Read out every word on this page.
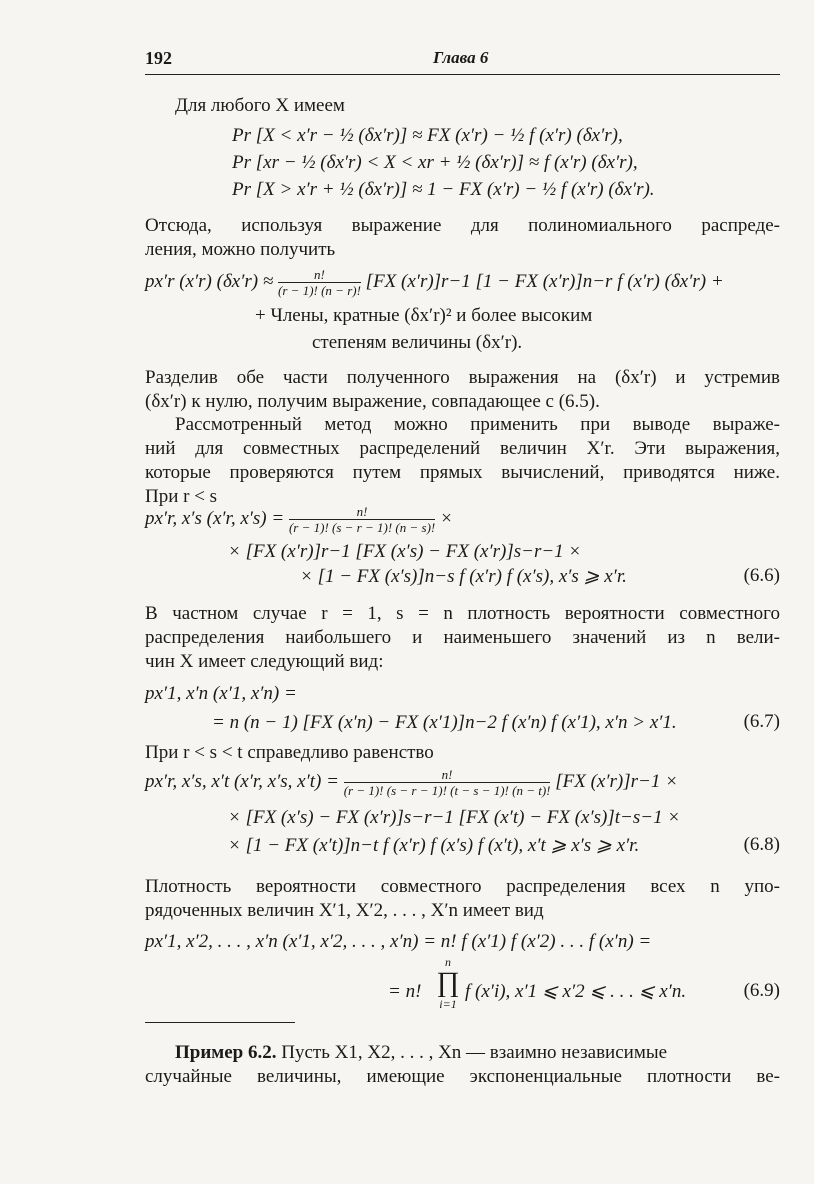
192	Глава 6
Для любого X имеем
Pr [X < x′r − ½ (δx′r)] ≈ FX (x′r) − ½ f (x′r) (δx′r),
Pr [xr − ½ (δx′r) < X < xr + ½ (δx′r)] ≈ f (x′r) (δx′r),
Pr [X > x′r + ½ (δx′r)] ≈ 1 − FX (x′r) − ½ f (x′r) (δx′r).
Отсюда, используя выражение для полиномиального распреде-
ления, можно получить
px′r (x′r) $(\delta x'r) \approx \frac{n!}{(r - 1)! (n - r)!} [FX$ (x′r)]r−1 [1 − FX (x′r)]n−r f (x′r) (δx′r) +
+ Члены, кратные (δx′r)² и более высоким
степеням величины (δx′r).
Разделив обе части полученного выражения на (δx′r) и устремив
(δx′r) к нулю, получим выражение, совпадающее с (6.5).
Рассмотренный метод можно применить при выводе выраже-
ний для совместных распределений величин X′r. Эти выражения,
которые проверяются путем прямых вычислений, приводятся ниже.
При r < s
px′r, x′s (x′r, $x's) = \frac{n!}{(r - 1)! (s - r - 1)! (n - s)!}$ ×
× [FX (x′r)]r−1 [FX (x′s) − FX (x′r)]s−r−1 ×
× [1 − FX (x′s)]n−s f (x′r) f (x′s), x′s ⩾ x′r.	(6.6)
В частном случае r = 1, s = n плотность вероятности совместного
распределения наибольшего и наименьшего значений из n вели-
чин X имеет следующий вид:
px′1, x′n (x′1, x′n) =
= n (n − 1) [FX (x′n) − FX (x′1)]n−2 f (x′n) f (x′1), x′n > x′1.	(6.7)
При r < s < t справедливо равенство
px′r, x′s, x′t (x′r, x′s, $x't) = \frac{n!}{(r - 1)! (s - r - 1)! (t - s - 1)! (n - t)!} [FX$ (x′r)]r−1 ×
× [FX (x′s) − FX (x′r)]s−r−1 [FX (x′t) − FX (x′s)]t−s−1 ×
× [1 − FX (x′t)]n−t f (x′r) f (x′s) f (x′t), x′t ⩾ x′s ⩾ x′r.	(6.8)
Плотность вероятности совместного распределения всех n упо-
рядоченных величин X′1, X′2, . . . , X′n имеет вид
px′1, x′2, . . . , x′n (x′1, x′2, . . . , x′n) = n! f (x′1) f (x′2) . . . f (x′n) =
= n!
n
∏
i=1
f (x′i), x′1 ⩽ x′2 ⩽ . . . ⩽ x′n.	(6.9)
Пример 6.2. Пусть X1, X2, . . . , Xn — взаимно независимые
случайные величины, имеющие экспоненциальные плотности ве-
